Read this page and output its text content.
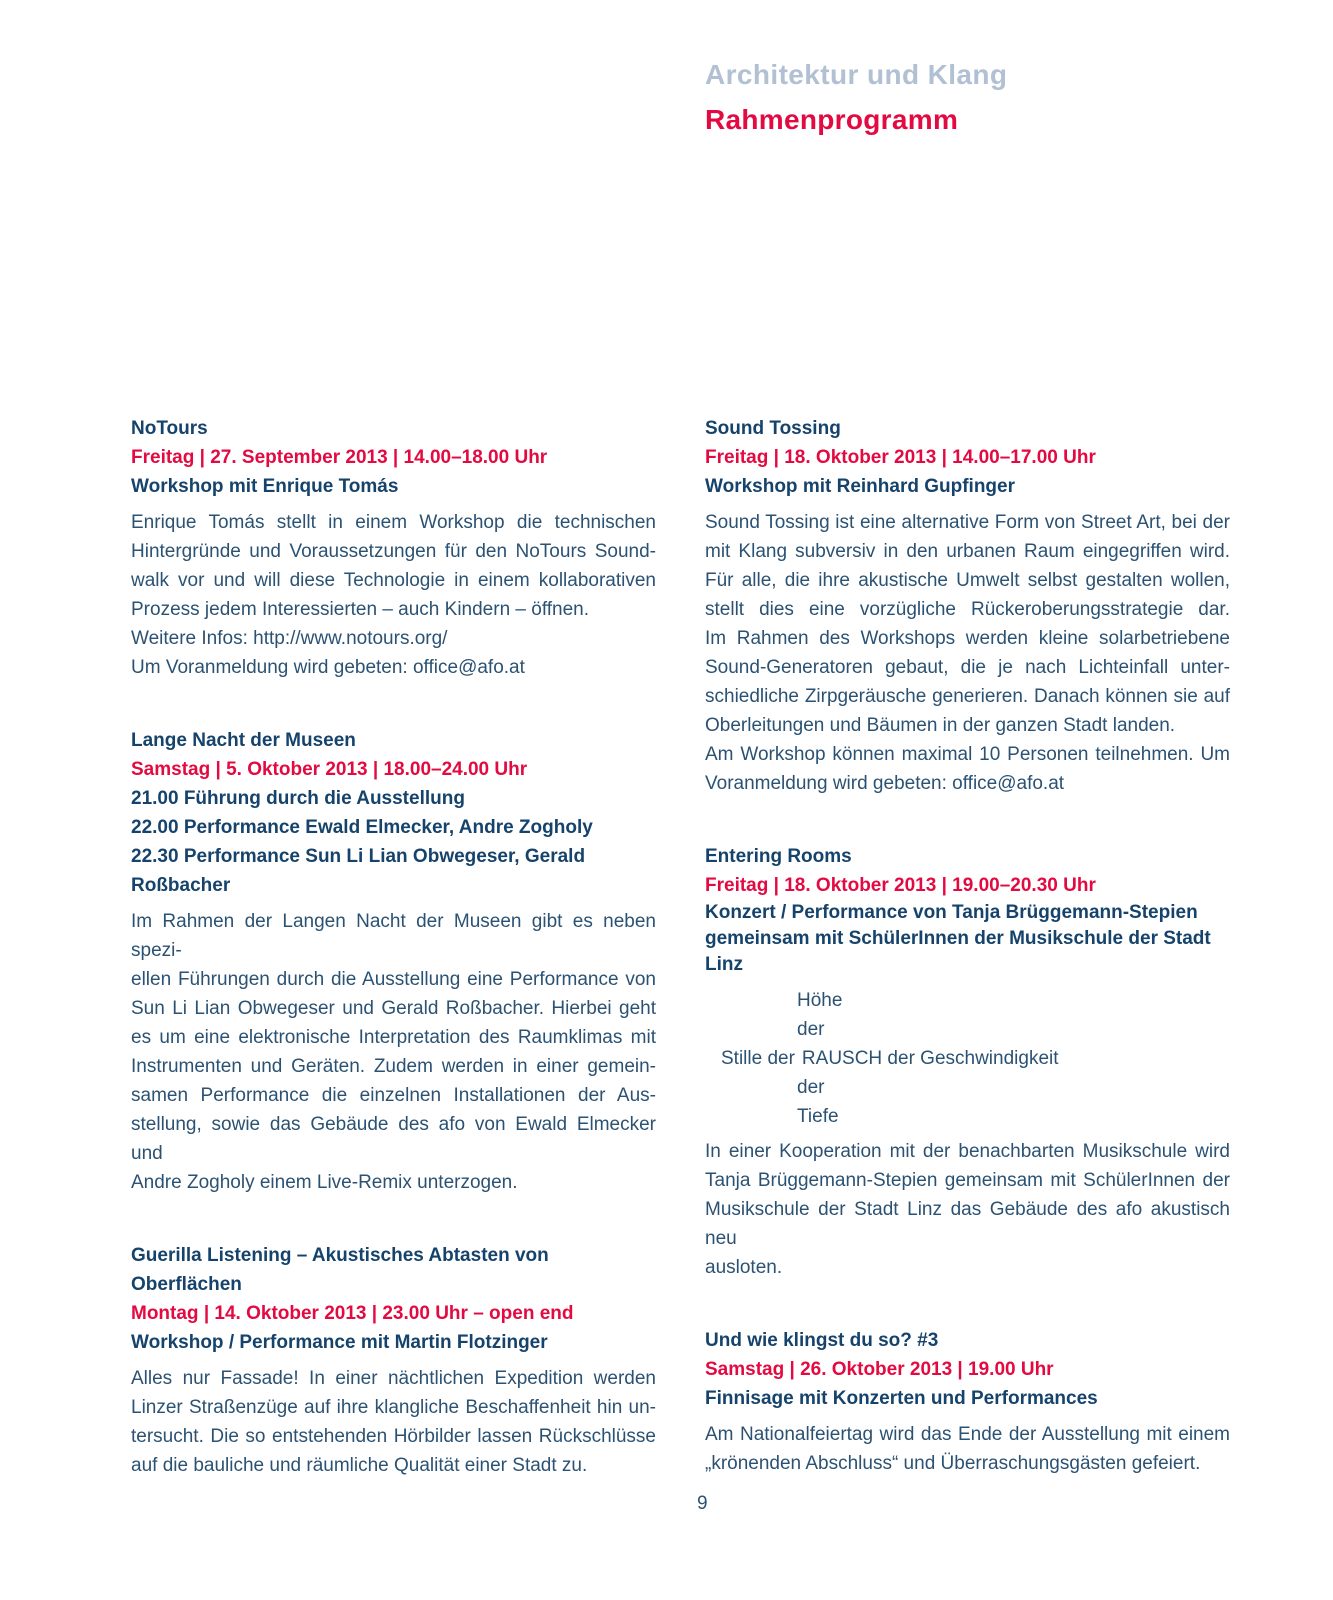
Architektur und Klang
Rahmenprogramm
NoTours
Freitag | 27. September 2013 | 14.00–18.00 Uhr
Workshop mit Enrique Tomás
Enrique Tomás stellt in einem Workshop die technischen
Hintergründe und Voraussetzungen für den NoTours Sound-
walk vor und will diese Technologie in einem kollaborativen
Prozess jedem Interessierten – auch Kindern – öffnen.
Weitere Infos: http://www.notours.org/
Um Voranmeldung wird gebeten: office@afo.at
Lange Nacht der Museen
Samstag | 5. Oktober 2013 | 18.00–24.00 Uhr
21.00 Führung durch die Ausstellung
22.00 Performance Ewald Elmecker, Andre Zogholy
22.30 Performance Sun Li Lian Obwegeser, Gerald Roßbacher
Im Rahmen der Langen Nacht der Museen gibt es neben spezi-
ellen Führungen durch die Ausstellung eine Performance von
Sun Li Lian Obwegeser und Gerald Roßbacher. Hierbei geht
es um eine elektronische Interpretation des Raumklimas mit
Instrumenten und Geräten. Zudem werden in einer gemein-
samen Performance die einzelnen Installationen der Aus-
stellung, sowie das Gebäude des afo von Ewald Elmecker und
Andre Zogholy einem Live-Remix unterzogen.
Guerilla Listening – Akustisches Abtasten von Oberflächen
Montag | 14. Oktober 2013 | 23.00 Uhr – open end
Workshop / Performance mit Martin Flotzinger
Alles nur Fassade! In einer nächtlichen Expedition werden
Linzer Straßenzüge auf ihre klangliche Beschaffenheit hin un-
tersucht. Die so entstehenden Hörbilder lassen Rückschlüsse
auf die bauliche und räumliche Qualität einer Stadt zu.
Sound Tossing
Freitag | 18. Oktober 2013 | 14.00–17.00 Uhr
Workshop mit Reinhard Gupfinger
Sound Tossing ist eine alternative Form von Street Art, bei der
mit Klang subversiv in den urbanen Raum eingegriffen wird.
Für alle, die ihre akustische Umwelt selbst gestalten wollen,
stellt dies eine vorzügliche Rückeroberungsstrategie dar.
Im Rahmen des Workshops werden kleine solarbetriebene
Sound-Generatoren gebaut, die je nach Lichteinfall unter-
schiedliche Zirpgeräusche generieren. Danach können sie auf
Oberleitungen und Bäumen in der ganzen Stadt landen.
Am Workshop können maximal 10 Personen teilnehmen. Um
Voranmeldung wird gebeten: office@afo.at
Entering Rooms
Freitag | 18. Oktober 2013 | 19.00–20.30 Uhr
Konzert / Performance von Tanja Brüggemann-Stepien
gemeinsam mit SchülerInnen der Musikschule der Stadt Linz
Höhe
der
Stille der RAUSCH der Geschwindigkeit
der
Tiefe
In einer Kooperation mit der benachbarten Musikschule wird
Tanja Brüggemann-Stepien gemeinsam mit SchülerInnen der
Musikschule der Stadt Linz das Gebäude des afo akustisch neu
ausloten.
Und wie klingst du so? #3
Samstag | 26. Oktober 2013 | 19.00 Uhr
Finnisage mit Konzerten und Performances
Am Nationalfeiertag wird das Ende der Ausstellung mit einem
„krönenden Abschluss“ und Überraschungsgästen gefeiert.
9
